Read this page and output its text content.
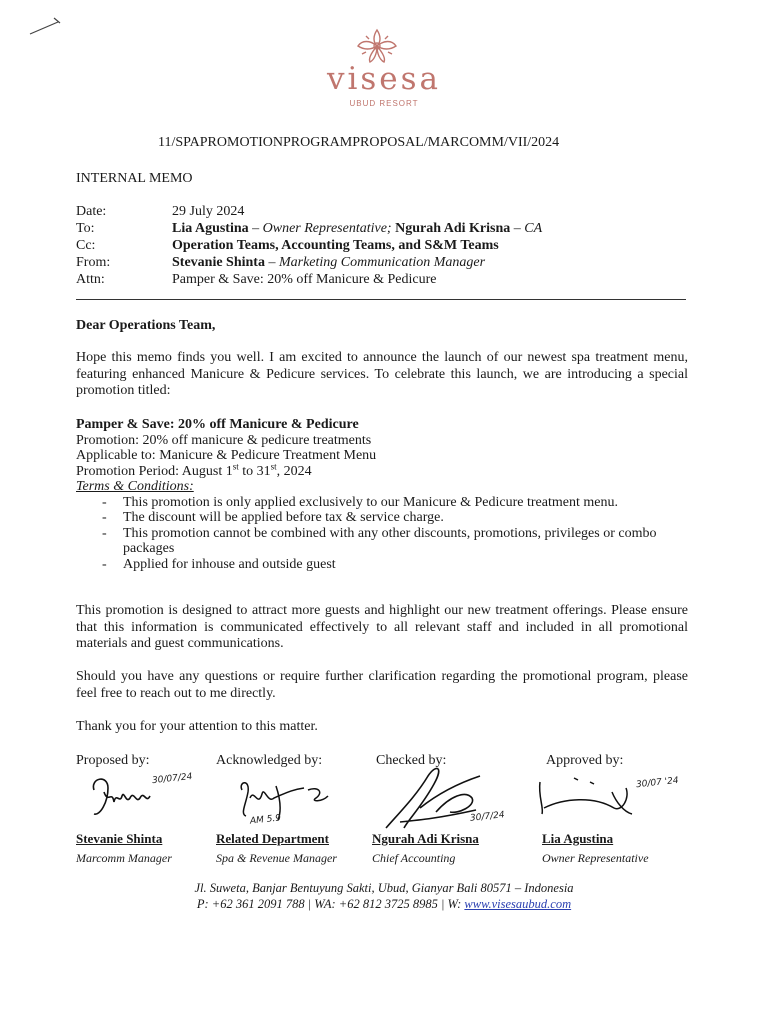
visesa
UBUD RESORT
11/SPAPROMOTIONPROGRAMPROPOSAL/MARCOMM/VII/2024
INTERNAL MEMO
Date:	29 July 2024
To:	Lia Agustina – Owner Representative; Ngurah Adi Krisna – CA
Cc:	Operation Teams, Accounting Teams, and S&M Teams
From:	Stevanie Shinta – Marketing Communication Manager
Attn:	Pamper & Save: 20% off Manicure & Pedicure
Dear Operations Team,
Hope this memo finds you well. I am excited to announce the launch of our newest spa treatment menu, featuring enhanced Manicure & Pedicure services. To celebrate this launch, we are introducing a special promotion titled:
Pamper & Save: 20% off Manicure & Pedicure
Promotion: 20% off manicure & pedicure treatments
Applicable to: Manicure & Pedicure Treatment Menu
Promotion Period: August 1st to 31st, 2024
Terms & Conditions:
- This promotion is only applied exclusively to our Manicure & Pedicure treatment menu.
- The discount will be applied before tax & service charge.
- This promotion cannot be combined with any other discounts, promotions, privileges or combo packages
- Applied for inhouse and outside guest
This promotion is designed to attract more guests and highlight our new treatment offerings. Please ensure that this information is communicated effectively to all relevant staff and included in all promotional materials and guest communications.
Should you have any questions or require further clarification regarding the promotional program, please feel free to reach out to me directly.
Thank you for your attention to this matter.
Proposed by:	Acknowledged by:	Checked by:	Approved by:
30/07/24
AM 5.9	30/7/24
30/07 '24
Stevanie Shinta	Related Department	Ngurah Adi Krisna	Lia Agustina
Marcomm Manager	Spa & Revenue Manager	Chief Accounting	Owner Representative
Jl. Suweta, Banjar Bentuyung Sakti, Ubud, Gianyar Bali 80571 – Indonesia
P: +62 361 2091 788 | WA: +62 812 3725 8985 | W: www.visesaubud.com
